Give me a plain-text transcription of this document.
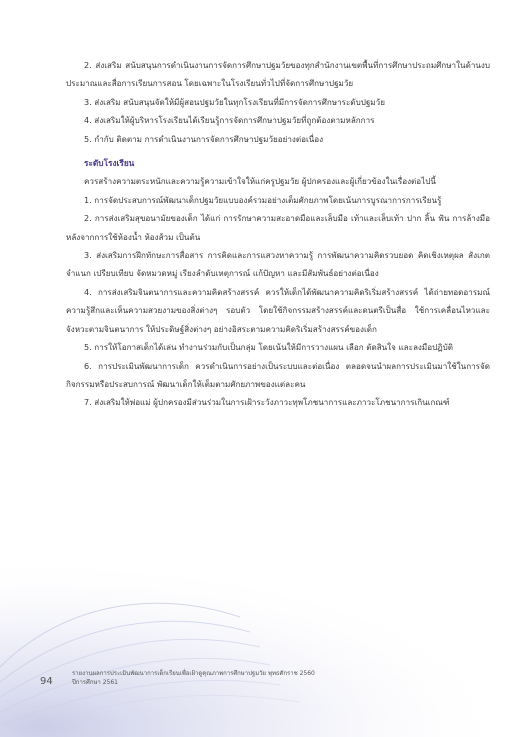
2. ส่งเสริม สนับสนุนการดำเนินงานการจัดการศึกษาปฐมวัยของทุกสำนักงานเขตพื้นที่การศึกษาประถมศึกษาในด้านงบประมาณและสื่อการเรียนการสอน โดยเฉพาะในโรงเรียนทั่วไปที่จัดการศึกษาปฐมวัย

3. ส่งเสริม สนับสนุนจัดให้มีผู้สอนปฐมวัยในทุกโรงเรียนที่มีการจัดการศึกษาระดับปฐมวัย

4. ส่งเสริมให้ผู้บริหารโรงเรียนได้เรียนรู้การจัดการศึกษาปฐมวัยที่ถูกต้องตามหลักการ

5. กำกับ ติดตาม การดำเนินงานการจัดการศึกษาปฐมวัยอย่างต่อเนื่อง

ระดับโรงเรียน

ควรสร้างความตระหนักและความรู้ความเข้าใจให้แก่ครูปฐมวัย ผู้ปกครองและผู้เกี่ยวข้องในเรื่องต่อไปนี้

1. การจัดประสบการณ์พัฒนาเด็กปฐมวัยแบบองค์รวมอย่างเต็มศักยภาพโดยเน้นการบูรณาการการเรียนรู้

2. การส่งเสริมสุขอนามัยของเด็ก ได้แก่ การรักษาความสะอาดมือและเล็บมือ เท้าและเล็บเท้า ปาก ลิ้น ฟัน การล้างมือหลังจากการใช้ห้องน้ำ ห้องส้วม เป็นต้น

3. ส่งเสริมการฝึกทักษะการสื่อสาร การคิดและการแสวงหาความรู้ การพัฒนาความคิดรวบยอด คิดเชิงเหตุผล สังเกต จำแนก เปรียบเทียบ จัดหมวดหมู่ เรียงลำดับเหตุการณ์ แก้ปัญหา และมีสัมพันธ์อย่างต่อเนื่อง

4. การส่งเสริมจินตนาการและความคิดสร้างสรรค์ ควรให้เด็กได้พัฒนาความคิดริเริ่มสร้างสรรค์ ได้ถ่ายทอดอารมณ์ความรู้สึกและเห็นความสวยงามของสิ่งต่างๆ รอบตัว โดยใช้กิจกรรมสร้างสรรค์และดนตรีเป็นสื่อ ใช้การเคลื่อนไหวและจังหวะตามจินตนาการ ให้ประดิษฐ์สิ่งต่างๆ อย่างอิสระตามความคิดริเริ่มสร้างสรรค์ของเด็ก

5. การให้โอกาสเด็กได้เล่น ทำงานร่วมกับเป็นกลุ่ม โดยเน้นให้มีการวางแผน เลือก ตัดสินใจ และลงมือปฏิบัติ

6. การประเมินพัฒนาการเด็ก ควรดำเนินการอย่างเป็นระบบและต่อเนื่อง ตลอดจนนำผลการประเมินมาใช้ในการจัดกิจกรรมหรือประสบการณ์ พัฒนาเด็กให้เต็มตามศักยภาพของแต่ละคน

7. ส่งเสริมให้พ่อแม่ ผู้ปกครองมีส่วนร่วมในการเฝ้าระวังภาวะทุพโภชนาการและภาวะโภชนาการเกินเกณฑ์

94
รายงานผลการประเมินพัฒนาการเด็กเรียนเพื่อเฝ้าดูคุณภาพการศึกษาปฐมวัย พุทธศักราช 2560
ปีการศึกษา 2561
